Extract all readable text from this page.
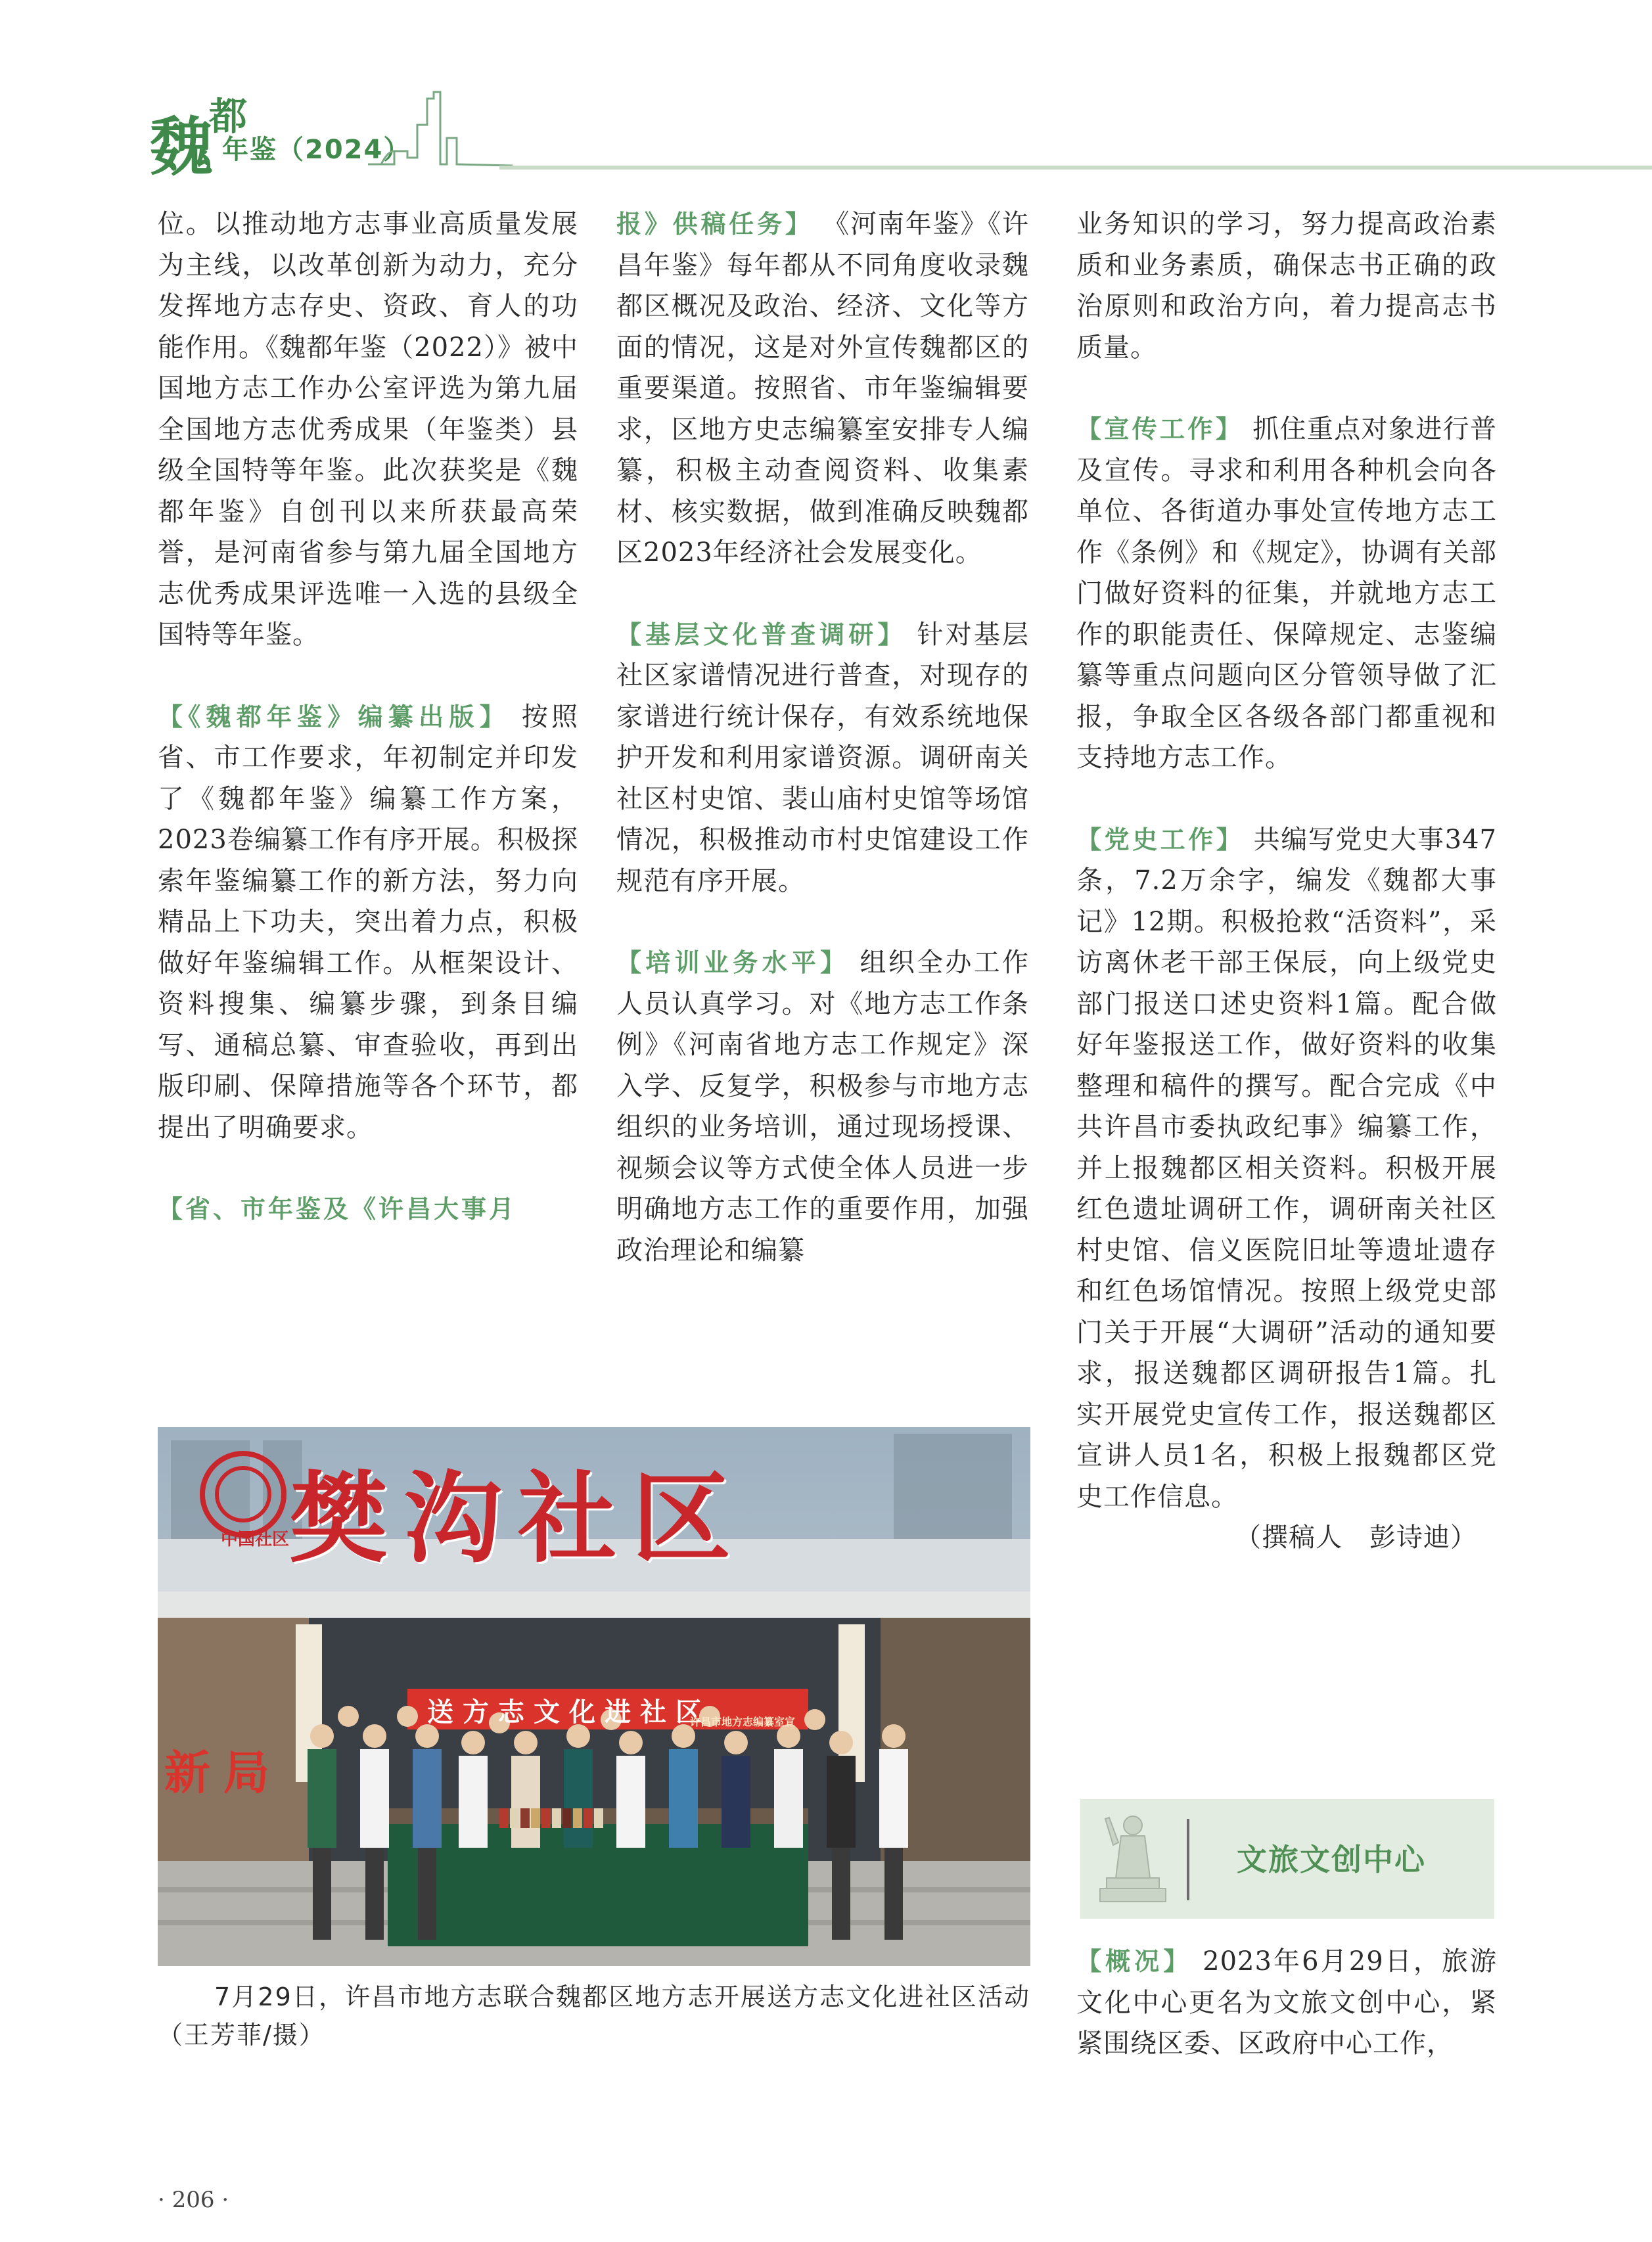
魏
都
年鉴（2024）

位。以推动地方志事业高质量发展为主线，以改革创新为动力，充分发挥地方志存史、资政、育人的功能作用。《魏都年鉴（2022）》被中国地方志工作办公室评选为第九届全国地方志优秀成果（年鉴类）县级全国特等年鉴。此次获奖是《魏都年鉴》自创刊以来所获最高荣誉，是河南省参与第九届全国地方志优秀成果评选唯一入选的县级全国特等年鉴。

【《魏都年鉴》编纂出版】 按照省、市工作要求，年初制定并印发了《魏都年鉴》编纂工作方案，2023卷编纂工作有序开展。积极探索年鉴编纂工作的新方法，努力向精品上下功夫，突出着力点，积极做好年鉴编辑工作。从框架设计、资料搜集、编纂步骤，到条目编写、通稿总纂、审查验收，再到出版印刷、保障措施等各个环节，都提出了明确要求。

【省、市年鉴及《许昌大事月

报》供稿任务】 《河南年鉴》《许昌年鉴》每年都从不同角度收录魏都区概况及政治、经济、文化等方面的情况，这是对外宣传魏都区的重要渠道。按照省、市年鉴编辑要求，区地方史志编纂室安排专人编纂，积极主动查阅资料、收集素材、核实数据，做到准确反映魏都区2023年经济社会发展变化。

【基层文化普查调研】 针对基层社区家谱情况进行普查，对现存的家谱进行统计保存，有效系统地保护开发和利用家谱资源。调研南关社区村史馆、裴山庙村史馆等场馆情况，积极推动市村史馆建设工作规范有序开展。

【培训业务水平】 组织全办工作人员认真学习。对《地方志工作条例》《河南省地方志工作规定》深入学、反复学，积极参与市地方志组织的业务培训，通过现场授课、视频会议等方式使全体人员进一步明确地方志工作的重要作用，加强政治理论和编纂

业务知识的学习，努力提高政治素质和业务素质，确保志书正确的政治原则和政治方向，着力提高志书质量。

【宣传工作】 抓住重点对象进行普及宣传。寻求和利用各种机会向各单位、各街道办事处宣传地方志工作《条例》和《规定》，协调有关部门做好资料的征集，并就地方志工作的职能责任、保障规定、志鉴编纂等重点问题向区分管领导做了汇报，争取全区各级各部门都重视和支持地方志工作。

【党史工作】 共编写党史大事347条，7.2万余字，编发《魏都大事记》12期。积极抢救“活资料”，采访离休老干部王保辰，向上级党史部门报送口述史资料1篇。配合做好年鉴报送工作，做好资料的收集整理和稿件的撰写。配合完成《中共许昌市委执政纪事》编纂工作，并上报魏都区相关资料。积极开展红色遗址调研工作，调研南关社区村史馆、信义医院旧址等遗址遗存和红色场馆情况。按照上级党史部门关于开展“大调研”活动的通知要求，报送魏都区调研报告1篇。扎实开展党史宣传工作，报送魏都区宣讲人员1名，积极上报魏都区党史工作信息。

（撰稿人　彭诗迪）

文旅文创中心

【概况】 2023年6月29日，旅游文化中心更名为文旅文创中心，紧紧围绕区委、区政府中心工作，

樊沟社区
中国社区
送方志文化进社区
许昌市地方志编纂室宣
新局
7月29日，许昌市地方志联合魏都区地方志开展送方志文化进社区活动（王芳菲/摄）
· 206 ·
